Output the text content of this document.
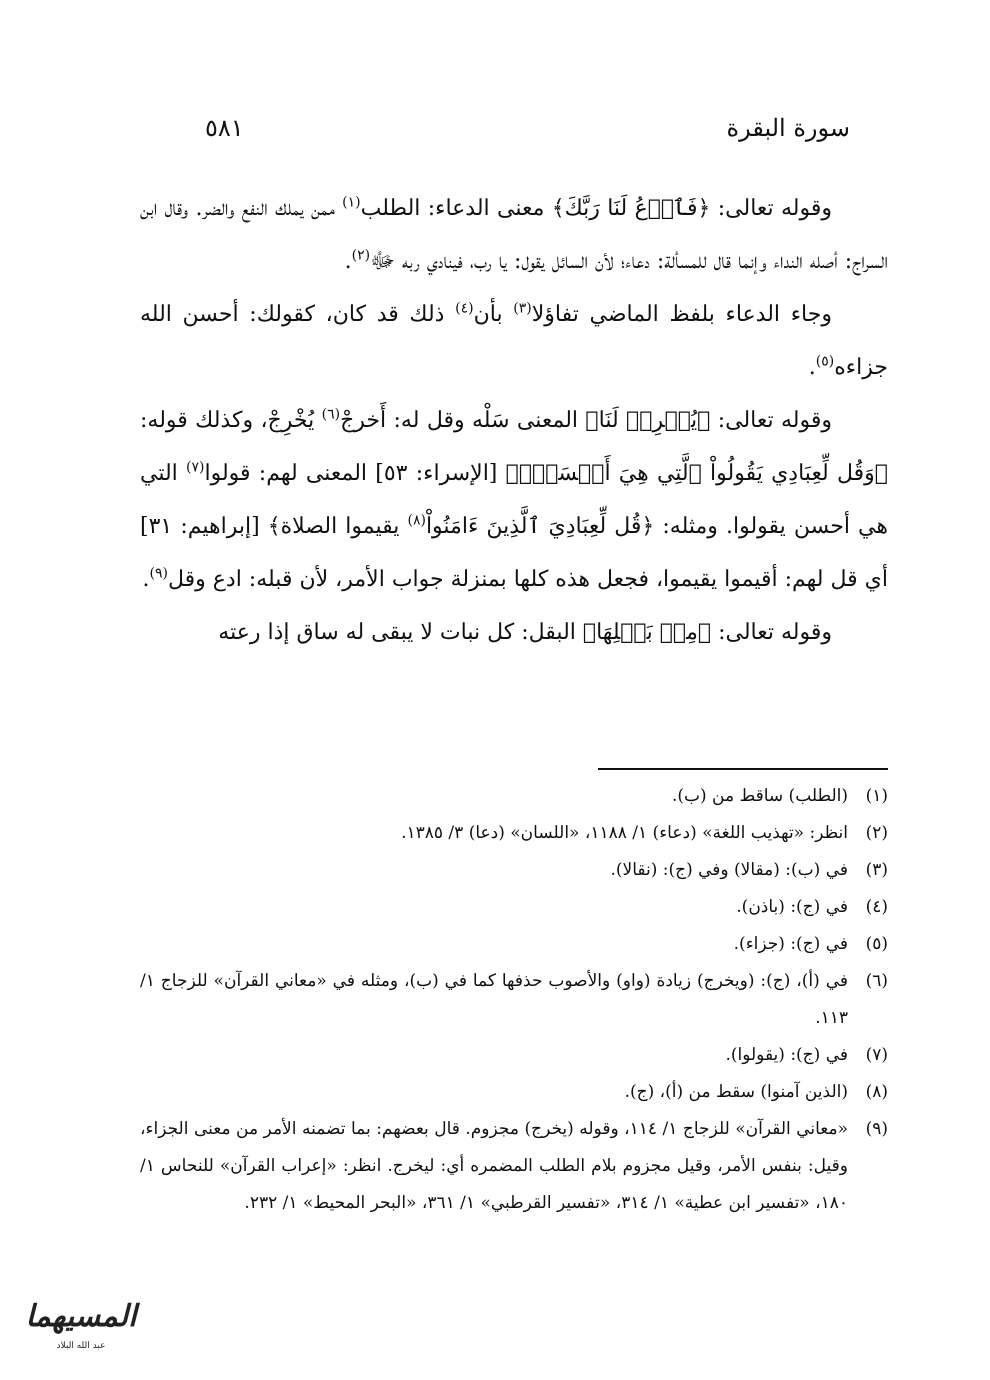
سورة البقرة
٥٨١

وقوله تعالى: ﴿فَٱدۡعُ لَنَا رَبَّكَ﴾ معنى الدعاء: الطلب$^{(١)}$ ممن يملك النفع والضر. وقال ابن السراج: أصله النداء وإنما قال للمسألة: دعاء؛ لأن السائل يقول: يا رب، فينادي ربه ﷻ$^{(٢)}$.

وجاء الدعاء بلفظ الماضي تفاؤلا$^{(٣)}$ بأن$^{(٤)}$ ذلك قد كان، كقولك: أحسن الله جزاءه$^{(٥)}$.

وقوله تعالى: ﴿يُخۡرِجۡ لَنَا﴾ المعنى سَلْه وقل له: أَخرجْ$^{(٦)}$ يُخْرِجْ، وكذلك قوله: ﴿وَقُل لِّعِبَادِي يَقُولُواْ ٱلَّتِي هِيَ أَحۡسَنُۚ﴾ [الإسراء: ٥٣] المعنى لهم: قولوا$^{(٧)}$ التي هي أحسن يقولوا. ومثله: ﴿قُل لِّعِبَادِيَ ٱلَّذِينَ ءَامَنُواْ$^{(٨)}$ يقيموا الصلاة﴾ [إبراهيم: ٣١] أي قل لهم: أقيموا يقيموا، فجعل هذه كلها بمنزلة جواب الأمر، لأن قبله: ادع وقل$^{(٩)}$.

وقوله تعالى: ﴿مِنۢ بَقۡلِهَا﴾ البقل: كل نبات لا يبقى له ساق إذا رعته

(١)
(الطلب) ساقط من (ب).
(٢)
انظر: «تهذيب اللغة» (دعاء) ١/ ١١٨٨، «اللسان» (دعا) ٣/ ١٣٨٥.
(٣)
في (ب): (مقالا) وفي (ج): (نقالا).
(٤)
في (ج): (باذن).
(٥)
في (ج): (جزاء).
(٦)
في (أ)، (ج): (ويخرج) زيادة (واو) والأصوب حذفها كما في (ب)، ومثله في «معاني القرآن» للزجاج ١/ ١١٣.
(٧)
في (ج): (يقولوا).
(٨)
(الذين آمنوا) سقط من (أ)، (ج).
(٩)
«معاني القرآن» للزجاج ١/ ١١٤، وقوله (يخرج) مجزوم. قال بعضهم: بما تضمنه الأمر من معنى الجزاء، وقيل: بنفس الأمر، وقيل مجزوم بلام الطلب المضمره أي: ليخرج. انظر: «إعراب القرآن» للنحاس ١/ ١٨٠، «تفسير ابن عطية» ١/ ٣١٤، «تفسير القرطبي» ١/ ٣٦١، «البحر المحيط» ١/ ٢٣٢.
المسيهما
عبد الله البلاد
